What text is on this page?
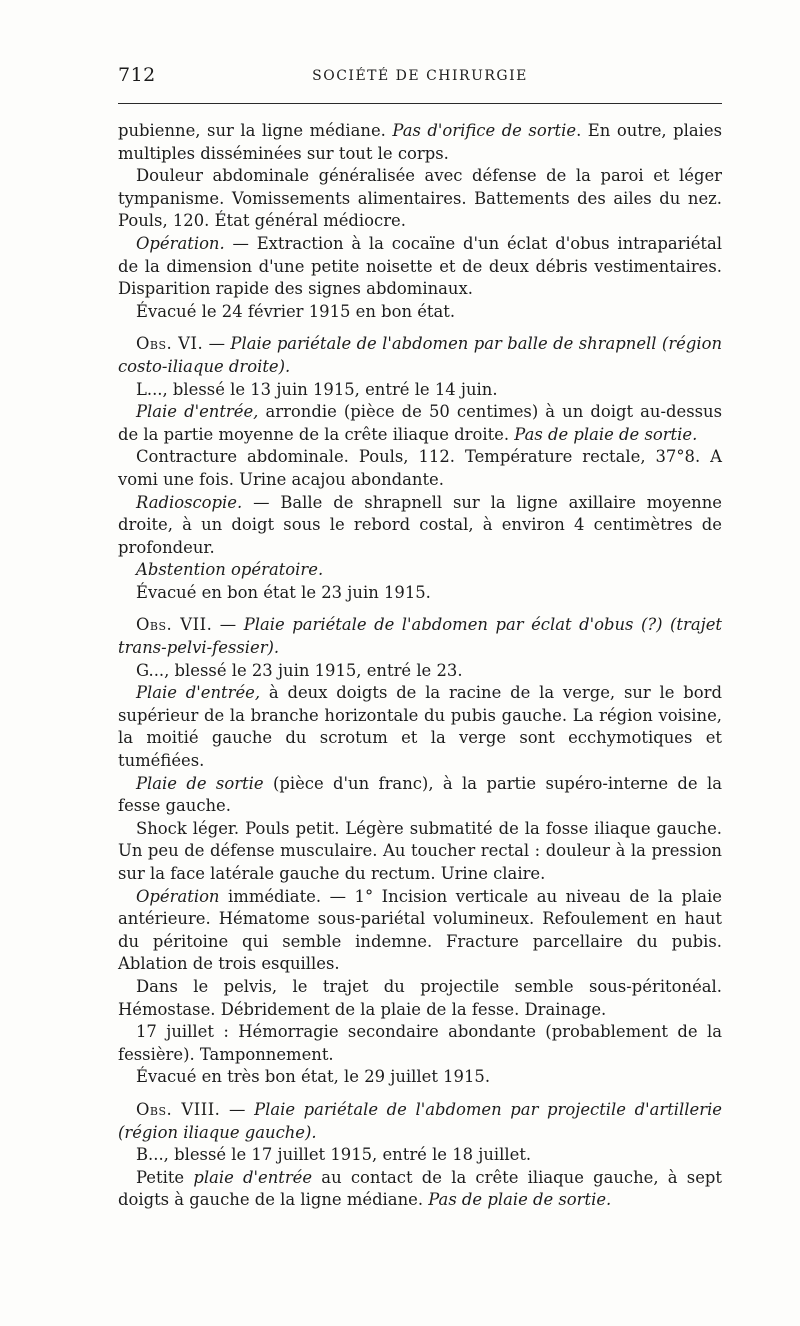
712	SOCIÉTÉ DE CHIRURGIE

pubienne, sur la ligne médiane. Pas d'orifice de sortie. En outre, plaies multiples disséminées sur tout le corps.

Douleur abdominale généralisée avec défense de la paroi et léger tympanisme. Vomissements alimentaires. Battements des ailes du nez. Pouls, 120. État général médiocre.

Opération. — Extraction à la cocaïne d'un éclat d'obus intrapariétal de la dimension d'une petite noisette et de deux débris vestimentaires. Disparition rapide des signes abdominaux.

Évacué le 24 février 1915 en bon état.

Obs. VI. — Plaie pariétale de l'abdomen par balle de shrapnell (région costo-iliaque droite).

L..., blessé le 13 juin 1915, entré le 14 juin.

Plaie d'entrée, arrondie (pièce de 50 centimes) à un doigt au-dessus de la partie moyenne de la crête iliaque droite. Pas de plaie de sortie.

Contracture abdominale. Pouls, 112. Température rectale, 37°8. A vomi une fois. Urine acajou abondante.

Radioscopie. — Balle de shrapnell sur la ligne axillaire moyenne droite, à un doigt sous le rebord costal, à environ 4 centimètres de profondeur.

Abstention opératoire.

Évacué en bon état le 23 juin 1915.

Obs. VII. — Plaie pariétale de l'abdomen par éclat d'obus (?) (trajet trans-pelvi-fessier).

G..., blessé le 23 juin 1915, entré le 23.

Plaie d'entrée, à deux doigts de la racine de la verge, sur le bord supérieur de la branche horizontale du pubis gauche. La région voisine, la moitié gauche du scrotum et la verge sont ecchymotiques et tuméfiées.

Plaie de sortie (pièce d'un franc), à la partie supéro-interne de la fesse gauche.

Shock léger. Pouls petit. Légère submatité de la fosse iliaque gauche. Un peu de défense musculaire. Au toucher rectal : douleur à la pression sur la face latérale gauche du rectum. Urine claire.

Opération immédiate. — 1° Incision verticale au niveau de la plaie antérieure. Hématome sous-pariétal volumineux. Refoulement en haut du péritoine qui semble indemne. Fracture parcellaire du pubis. Ablation de trois esquilles.

Dans le pelvis, le trajet du projectile semble sous-péritonéal. Hémostase. Débridement de la plaie de la fesse. Drainage.

17 juillet : Hémorragie secondaire abondante (probablement de la fessière). Tamponnement.

Évacué en très bon état, le 29 juillet 1915.

Obs. VIII. — Plaie pariétale de l'abdomen par projectile d'artillerie (région iliaque gauche).

B..., blessé le 17 juillet 1915, entré le 18 juillet.

Petite plaie d'entrée au contact de la crête iliaque gauche, à sept doigts à gauche de la ligne médiane. Pas de plaie de sortie.
